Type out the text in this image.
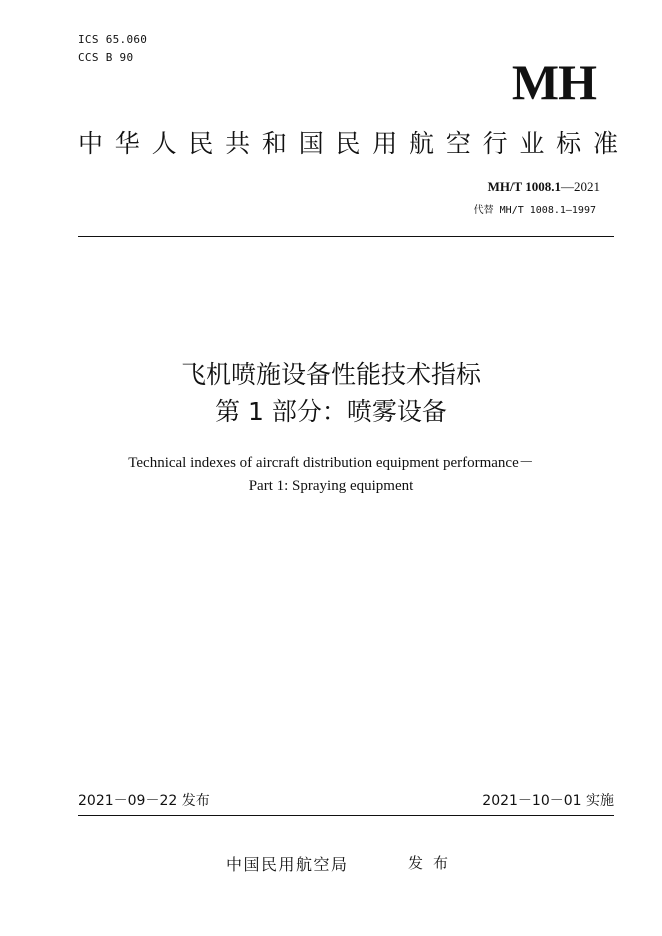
ICS 65.060
CCS B 90	MH
中 华 人 民 共 和 国 民 用 航 空 行 业 标 准
MH/T 1008.1—2021
代替 MH/T 1008.1—1997
飞机喷施设备性能技术指标
第 1 部分：喷雾设备
Technical indexes of aircraft distribution equipment performance－
Part 1: Spraying equipment
2021－09－22 发布	2021－10－01 实施
中国民用航空局	发布
